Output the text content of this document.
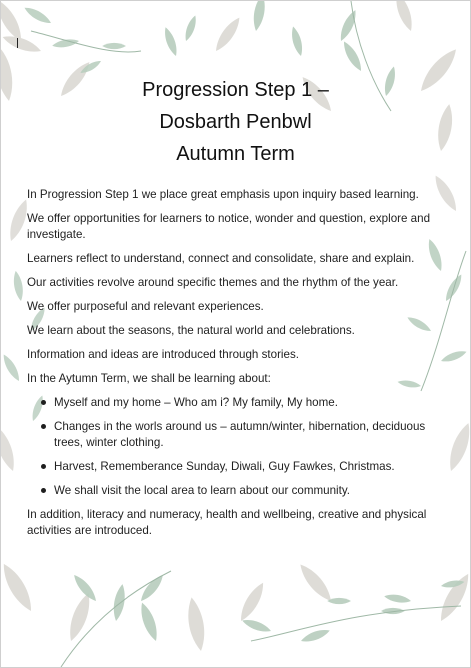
Progression Step 1 –
Dosbarth Penbwl
Autumn Term

In Progression Step 1 we place great emphasis upon inquiry based learning.

We offer opportunities for learners to notice, wonder and question, explore and investigate.

Learners reflect to understand, connect and consolidate, share and explain.

Our activities revolve around specific themes and the rhythm of the year.

We offer purposeful and relevant experiences.

We learn about the seasons, the natural world and celebrations.

Information and ideas are introduced through stories.

In the Aytumn Term, we shall be learning about:

Myself and my home – Who am i? My family, My home.
Changes in the worls around us – autumn/winter, hibernation, deciduous trees, winter clothing.
Harvest, Rememberance Sunday, Diwali, Guy Fawkes, Christmas.
We shall visit the local area to learn about our community.

In addition, literacy and numeracy, health and wellbeing, creative and physical activities are introduced.
